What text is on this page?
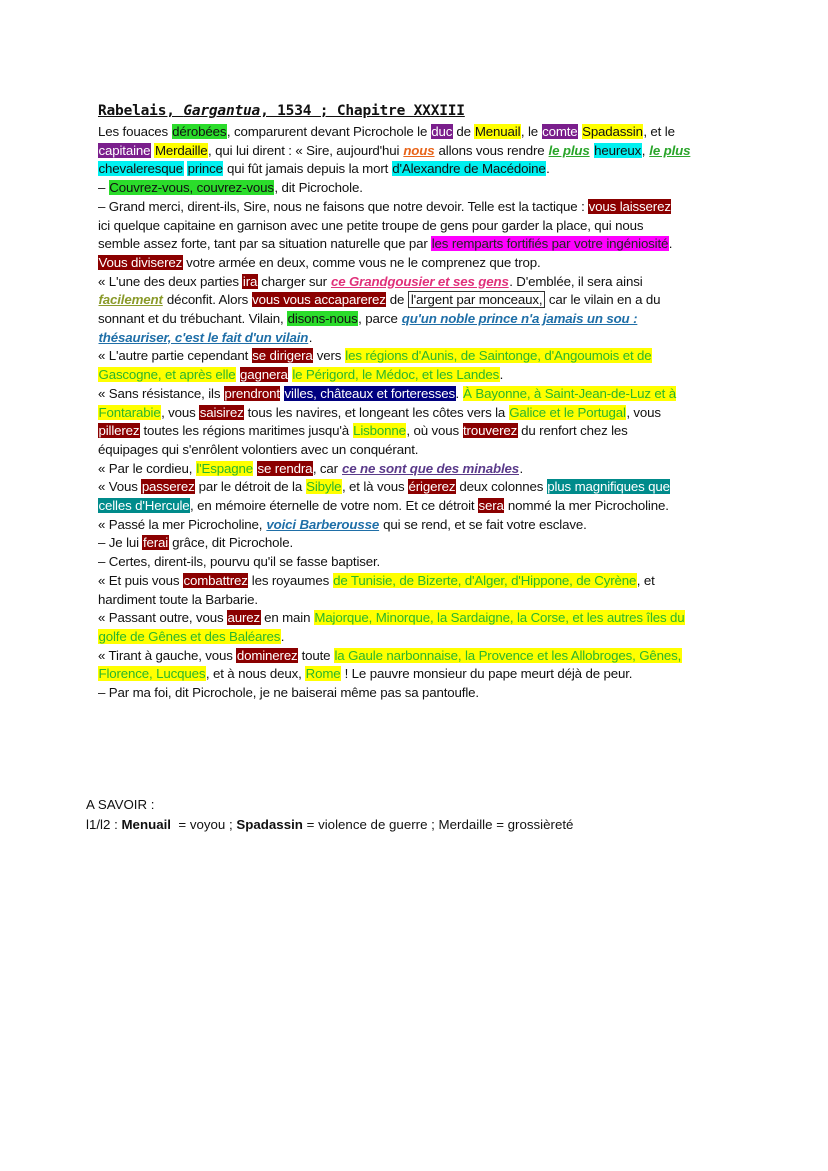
Rabelais, Gargantua, 1534 ; Chapitre XXXIII
Les fouaces dérobées, comparurent devant Picrochole le duc de Menuail, le comte Spadassin, et le
capitaine Merdaille, qui lui dirent : « Sire, aujourd'hui nous allons vous rendre le plus heureux, le plus
chevaleresque prince qui fût jamais depuis la mort d'Alexandre de Macédoine.
– Couvrez-vous, couvrez-vous, dit Picrochole.
– Grand merci, dirent-ils, Sire, nous ne faisons que notre devoir. Telle est la tactique : vous laisserez
ici quelque capitaine en garnison avec une petite troupe de gens pour garder la place, qui nous
semble assez forte, tant par sa situation naturelle que par les remparts fortifiés par votre ingéniosité.
Vous diviserez votre armée en deux, comme vous ne le comprenez que trop.
« L'une des deux parties ira charger sur ce Grandgousier et ses gens. D'emblée, il sera ainsi
facilement déconfit. Alors vous vous accaparerez de l'argent par monceaux, car le vilain en a du
sonnant et du trébuchant. Vilain, disons-nous, parce qu'un noble prince n'a jamais un sou :
thésauriser, c'est le fait d'un vilain.
« L'autre partie cependant se dirigera vers les régions d'Aunis, de Saintonge, d'Angoumois et de
Gascogne, et après elle gagnera le Périgord, le Médoc, et les Landes.
« Sans résistance, ils prendront villes, châteaux et forteresses. À Bayonne, à Saint-Jean-de-Luz et à
Fontarabie, vous saisirez tous les navires, et longeant les côtes vers la Galice et le Portugal, vous
pillerez toutes les régions maritimes jusqu'à Lisbonne, où vous trouverez du renfort chez les
équipages qui s'enrôlent volontiers avec un conquérant.
« Par le cordieu, l'Espagne se rendra, car ce ne sont que des minables.
« Vous passerez par le détroit de la Sibyle, et là vous érigerez deux colonnes plus magnifiques que
celles d'Hercule, en mémoire éternelle de votre nom. Et ce détroit sera nommé la mer Picrocholine.
« Passé la mer Picrocholine, voici Barberousse qui se rend, et se fait votre esclave.
– Je lui ferai grâce, dit Picrochole.
– Certes, dirent-ils, pourvu qu'il se fasse baptiser.
« Et puis vous combattrez les royaumes de Tunisie, de Bizerte, d'Alger, d'Hippone, de Cyrène, et
hardiment toute la Barbarie.
« Passant outre, vous aurez en main Majorque, Minorque, la Sardaigne, la Corse, et les autres îles du
golfe de Gênes et des Baléares.
« Tirant à gauche, vous dominerez toute la Gaule narbonnaise, la Provence et les Allobroges, Gênes,
Florence, Lucques, et à nous deux, Rome ! Le pauvre monsieur du pape meurt déjà de peur.
– Par ma foi, dit Picrochole, je ne baiserai même pas sa pantoufle.
A SAVOIR :
l1/l2 : Menuail  = voyou ; Spadassin = violence de guerre ; Merdaille = grossièreté
